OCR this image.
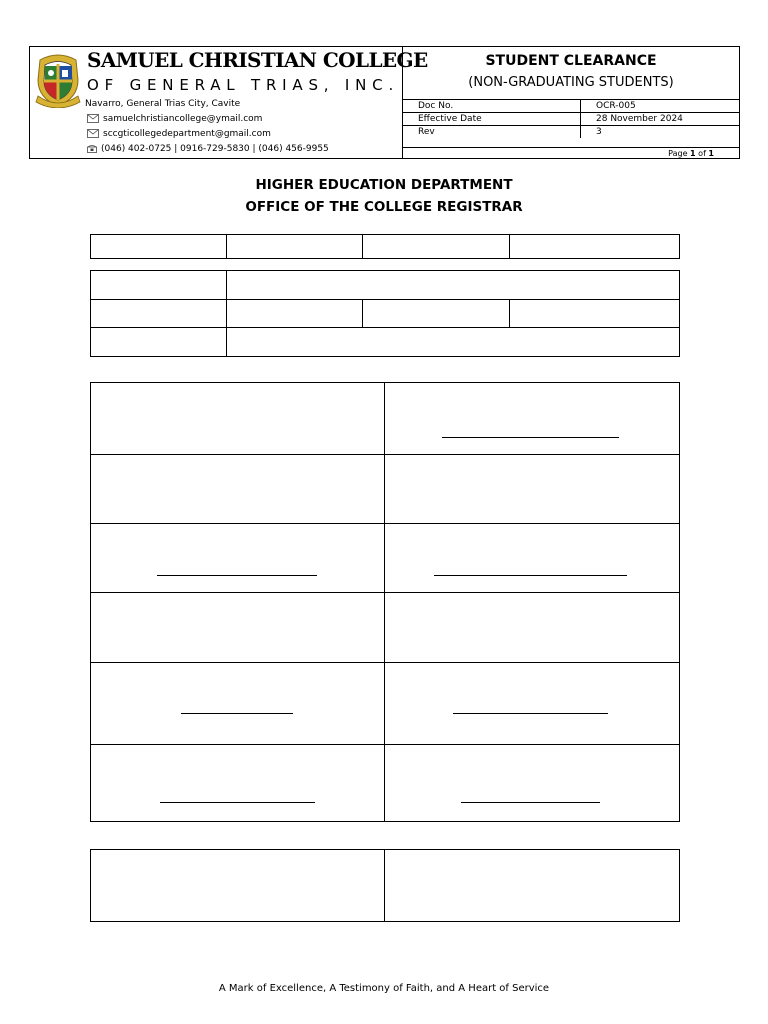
SAMUEL CHRISTIAN COLLEGE
OF GENERAL TRIAS, INC.
Navarro, General Trias City, Cavite
samuelchristiancollege@ymail.com
sccgticollegedepartment@gmail.com
(046) 402-0725 | 0916-729-5830 | (046) 456-9955
STUDENT CLEARANCE
(NON-GRADUATING STUDENTS)
Doc No.	OCR-005
Effective Date	28 November 2024
Rev	3
Page 1 of 1
HIGHER EDUCATION DEPARTMENT
OFFICE OF THE COLLEGE REGISTRAR

A Mark of Excellence, A Testimony of Faith, and A Heart of Service
